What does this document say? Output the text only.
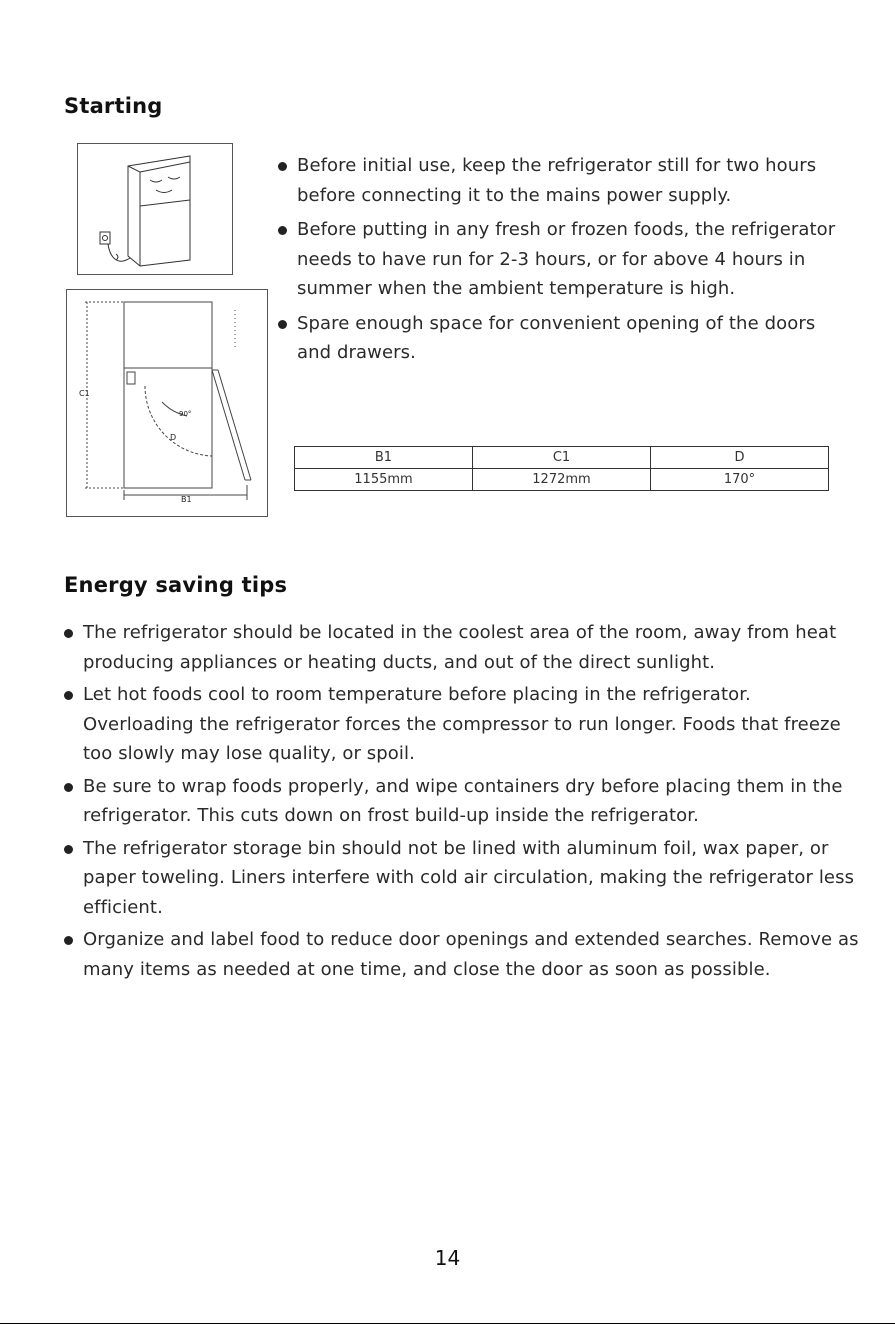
Starting
C1
B1
D
90°
Before initial use, keep the refrigerator still for two hours before connecting it to the mains power supply.
Before putting in any fresh or frozen foods, the refrigerator needs to have run for 2-3 hours, or for above 4 hours in summer when the ambient temperature is high.
Spare enough space for convenient opening of the doors and drawers.
B1	C1	D
1155mm	1272mm	170°
Energy saving tips
The refrigerator should be located in the coolest area of the room, away from heat producing appliances or heating ducts, and out of the direct sunlight.
Let hot foods cool to room temperature before placing in the refrigerator. Overloading the refrigerator forces the compressor to run longer. Foods that freeze too slowly may lose quality, or spoil.
Be sure to wrap foods properly, and wipe containers dry before placing them in the refrigerator. This cuts down on frost build-up inside the refrigerator.
The refrigerator storage bin should not be lined with aluminum foil, wax paper, or paper toweling. Liners interfere with cold air circulation, making the refrigerator less efficient.
Organize and label food to reduce door openings and extended searches. Remove as many items as needed at one time, and close the door as soon as possible.
14
